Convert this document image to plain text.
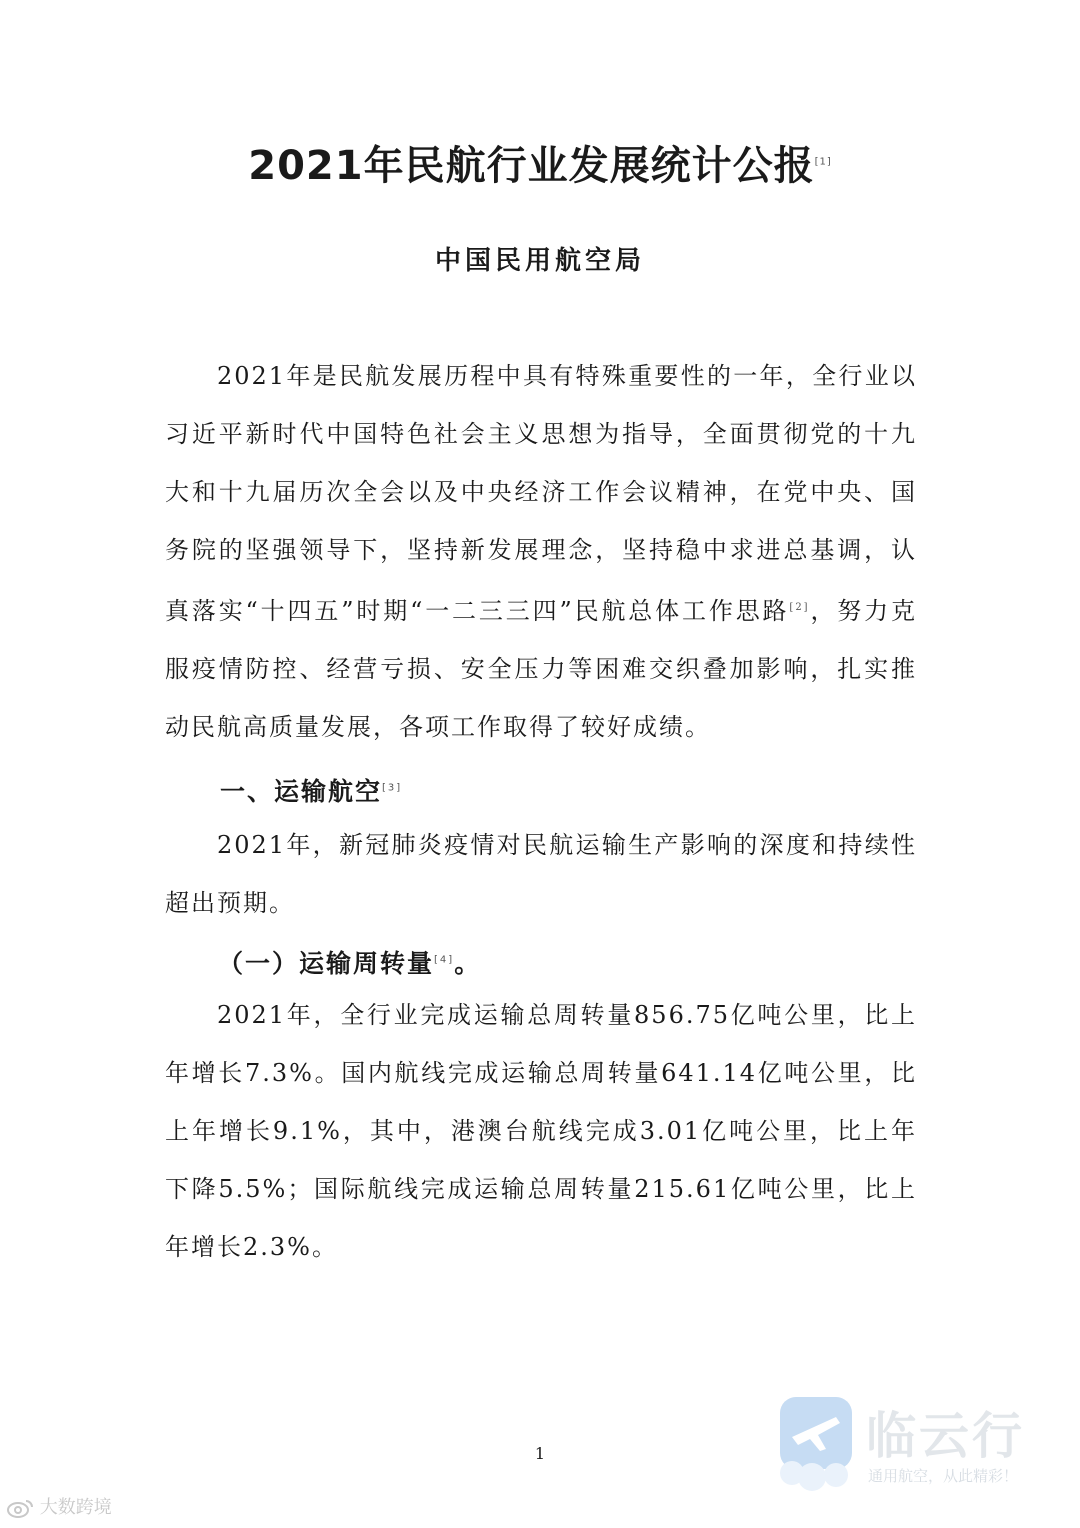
2021年民航行业发展统计公报[1]
中国民用航空局

2021年是民航发展历程中具有特殊重要性的一年，全行业以习近平新时代中国特色社会主义思想为指导，全面贯彻党的十九大和十九届历次全会以及中央经济工作会议精神，在党中央、国务院的坚强领导下，坚持新发展理念，坚持稳中求进总基调，认真落实“十四五”时期“一二三三四”民航总体工作思路[2]，努力克服疫情防控、经营亏损、安全压力等困难交织叠加影响，扎实推动民航高质量发展，各项工作取得了较好成绩。

一、运输航空[3]

2021年，新冠肺炎疫情对民航运输生产影响的深度和持续性超出预期。

（一）运输周转量[4]。

2021年，全行业完成运输总周转量856.75亿吨公里，比上年增长7.3%。国内航线完成运输总周转量641.14亿吨公里，比上年增长9.1%，其中，港澳台航线完成3.01亿吨公里，比上年下降5.5%；国际航线完成运输总周转量215.61亿吨公里，比上年增长2.3%。

1	临云行
通用航空，从此精彩！
大数跨境
